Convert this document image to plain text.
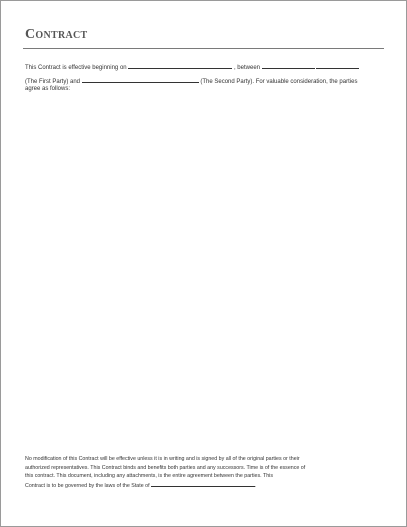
Contract
This Contract is effective beginning on	, between
(The First Party) and	(The Second Party). For valuable consideration, the parties
agree as follows:
No modification of this Contract will be effective unless it is in writing and is signed by all of the original parties or their
authorized representatives. This Contract binds and benefits both parties and any successors. Time is of the essence of
this contract. This document, including any attachments, is the entire agreement between the parties. This
Contract is to be governed by the laws of the State of	.
